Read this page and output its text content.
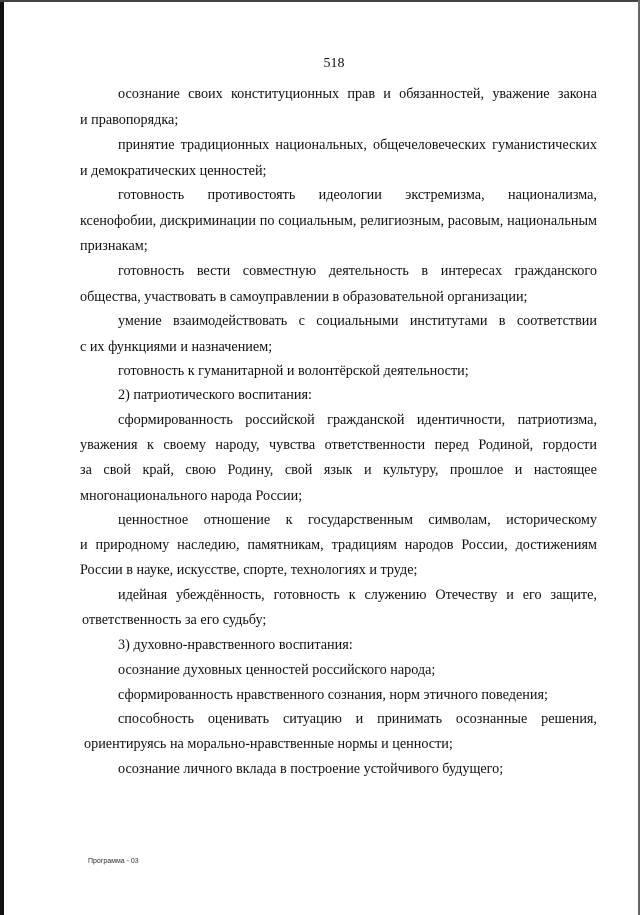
518
осознание своих конституционных прав и обязанностей, уважение закона
и правопорядка;
принятие традиционных национальных, общечеловеческих гуманистических
и демократических ценностей;
готовность противостоять идеологии экстремизма, национализма,
ксенофобии, дискриминации по социальным, религиозным, расовым, национальным
признакам;
готовность вести совместную деятельность в интересах гражданского
общества, участвовать в самоуправлении в образовательной организации;
умение взаимодействовать с социальными институтами в соответствии
с их функциями и назначением;
готовность к гуманитарной и волонтёрской деятельности;
2) патриотического воспитания:
сформированность российской гражданской идентичности, патриотизма,
уважения к своему народу, чувства ответственности перед Родиной, гордости
за свой край, свою Родину, свой язык и культуру, прошлое и настоящее
многонационального народа России;
ценностное отношение к государственным символам, историческому
и природному наследию, памятникам, традициям народов России, достижениям
России в науке, искусстве, спорте, технологиях и труде;
идейная убеждённость, готовность к служению Отечеству и его защите,
ответственность за его судьбу;
3) духовно-нравственного воспитания:
осознание духовных ценностей российского народа;
сформированность нравственного сознания, норм этичного поведения;
способность оценивать ситуацию и принимать осознанные решения,
ориентируясь на морально-нравственные нормы и ценности;
осознание личного вклада в построение устойчивого будущего;
Программа - 03
